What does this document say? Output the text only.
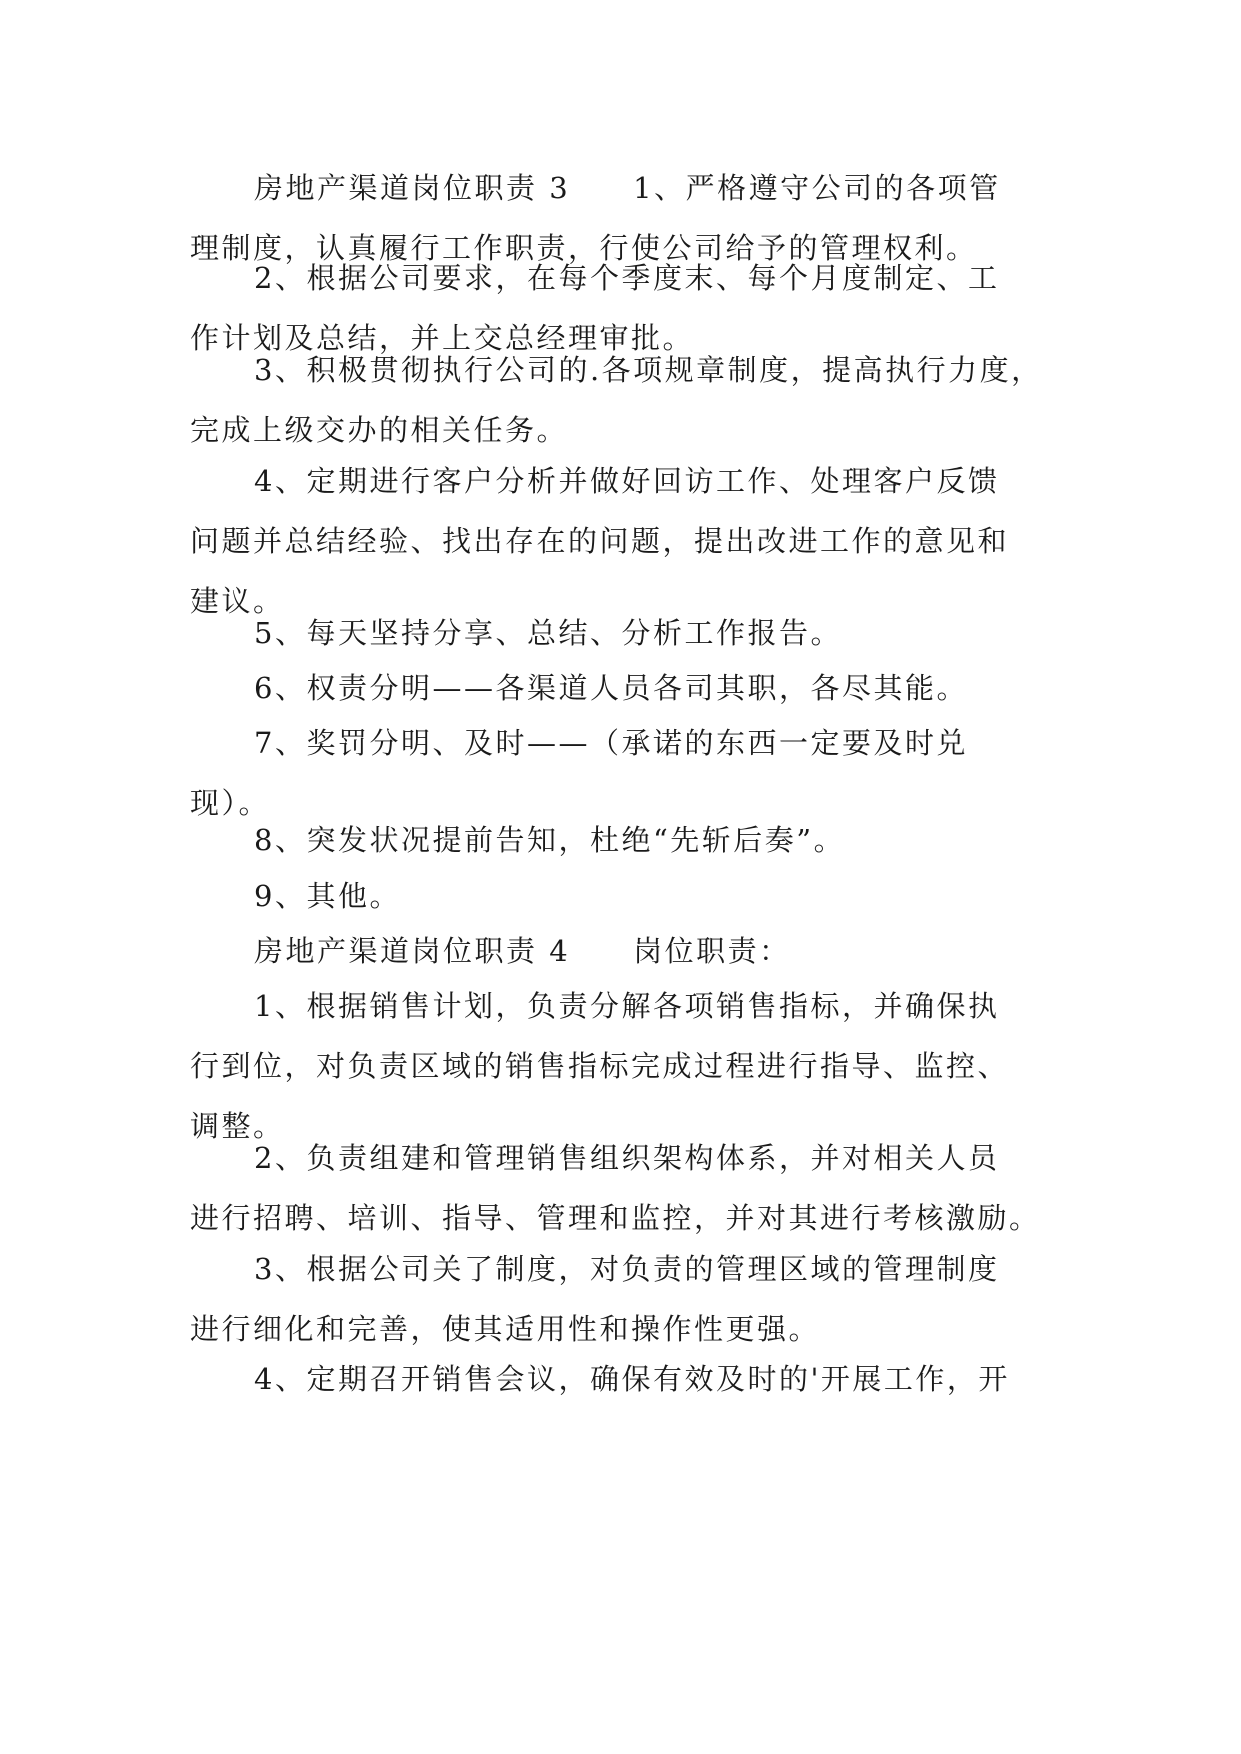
房地产渠道岗位职责 3　　1、严格遵守公司的各项管
理制度，认真履行工作职责，行使公司给予的管理权利。
2、根据公司要求，在每个季度末、每个月度制定、工
作计划及总结，并上交总经理审批。
3、积极贯彻执行公司的.各项规章制度，提高执行力度，
完成上级交办的相关任务。
4、定期进行客户分析并做好回访工作、处理客户反馈
问题并总结经验、找出存在的问题，提出改进工作的意见和
建议。
5、每天坚持分享、总结、分析工作报告。
6、权责分明——各渠道人员各司其职，各尽其能。
7、奖罚分明、及时——（承诺的东西一定要及时兑
现）。
8、突发状况提前告知，杜绝“先斩后奏”。
9、其他。
房地产渠道岗位职责 4　　岗位职责：
1、根据销售计划，负责分解各项销售指标，并确保执
行到位，对负责区域的销售指标完成过程进行指导、监控、
调整。
2、负责组建和管理销售组织架构体系，并对相关人员
进行招聘、培训、指导、管理和监控，并对其进行考核激励。
3、根据公司关了制度，对负责的管理区域的管理制度
进行细化和完善，使其适用性和操作性更强。
4、定期召开销售会议，确保有效及时的'开展工作，开
